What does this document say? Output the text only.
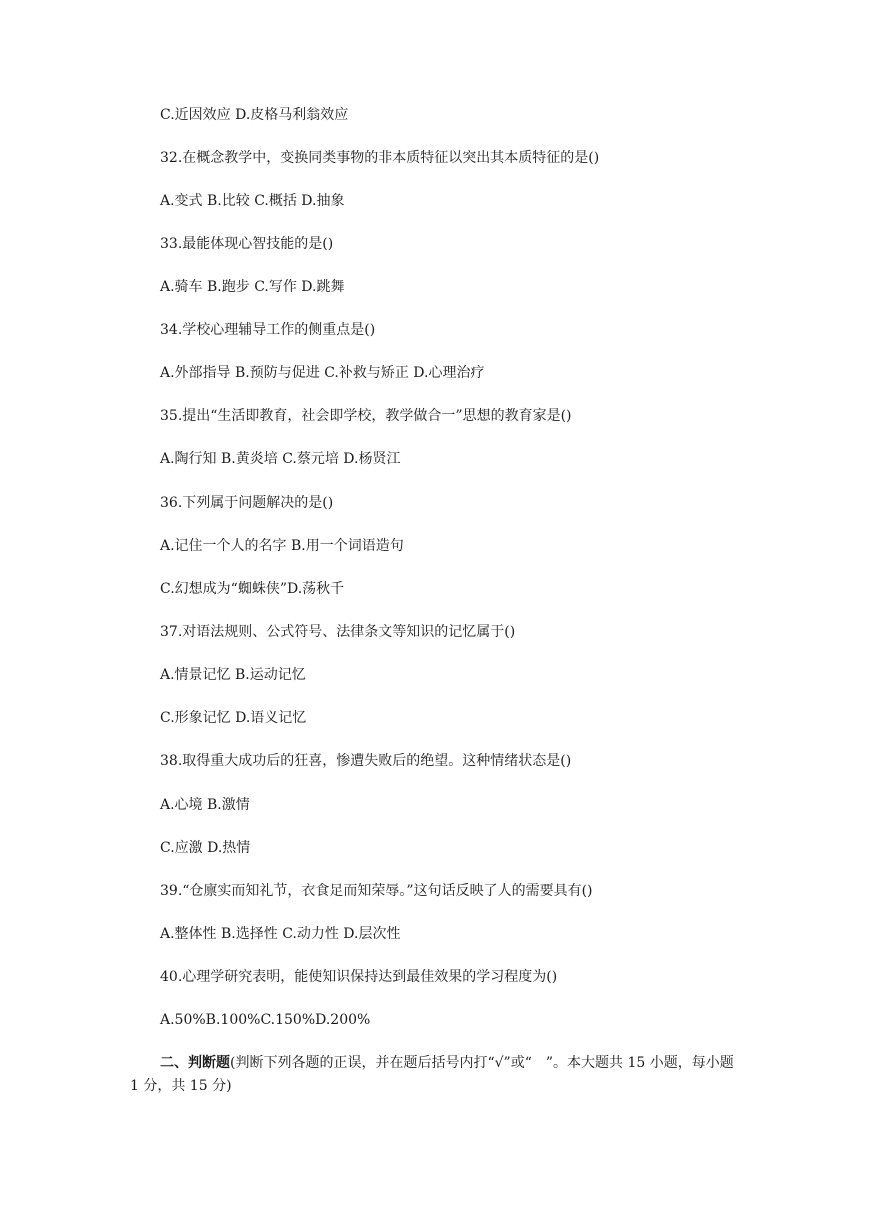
C.近因效应 D.皮格马利翁效应
32.在概念教学中，变换同类事物的非本质特征以突出其本质特征的是()
A.变式 B.比较 C.概括 D.抽象
33.最能体现心智技能的是()
A.骑车 B.跑步 C.写作 D.跳舞
34.学校心理辅导工作的侧重点是()
A.外部指导 B.预防与促进 C.补救与矫正 D.心理治疗
35.提出“生活即教育，社会即学校，教学做合一”思想的教育家是()
A.陶行知 B.黄炎培 C.蔡元培 D.杨贤江
36.下列属于问题解决的是()
A.记住一个人的名字 B.用一个词语造句
C.幻想成为“蜘蛛侠”D.荡秋千
37.对语法规则、公式符号、法律条文等知识的记忆属于()
A.情景记忆 B.运动记忆
C.形象记忆 D.语义记忆
38.取得重大成功后的狂喜，惨遭失败后的绝望。这种情绪状态是()
A.心境 B.激情
C.应激 D.热情
39.“仓廪实而知礼节，衣食足而知荣辱。”这句话反映了人的需要具有()
A.整体性 B.选择性 C.动力性 D.层次性
40.心理学研究表明，能使知识保持达到最佳效果的学习程度为()
A.50%B.100%C.150%D.200%
二、判断题(判断下列各题的正误，并在题后括号内打“√”或“　”。本大题共 15 小题，每小题 1 分，共 15 分)
